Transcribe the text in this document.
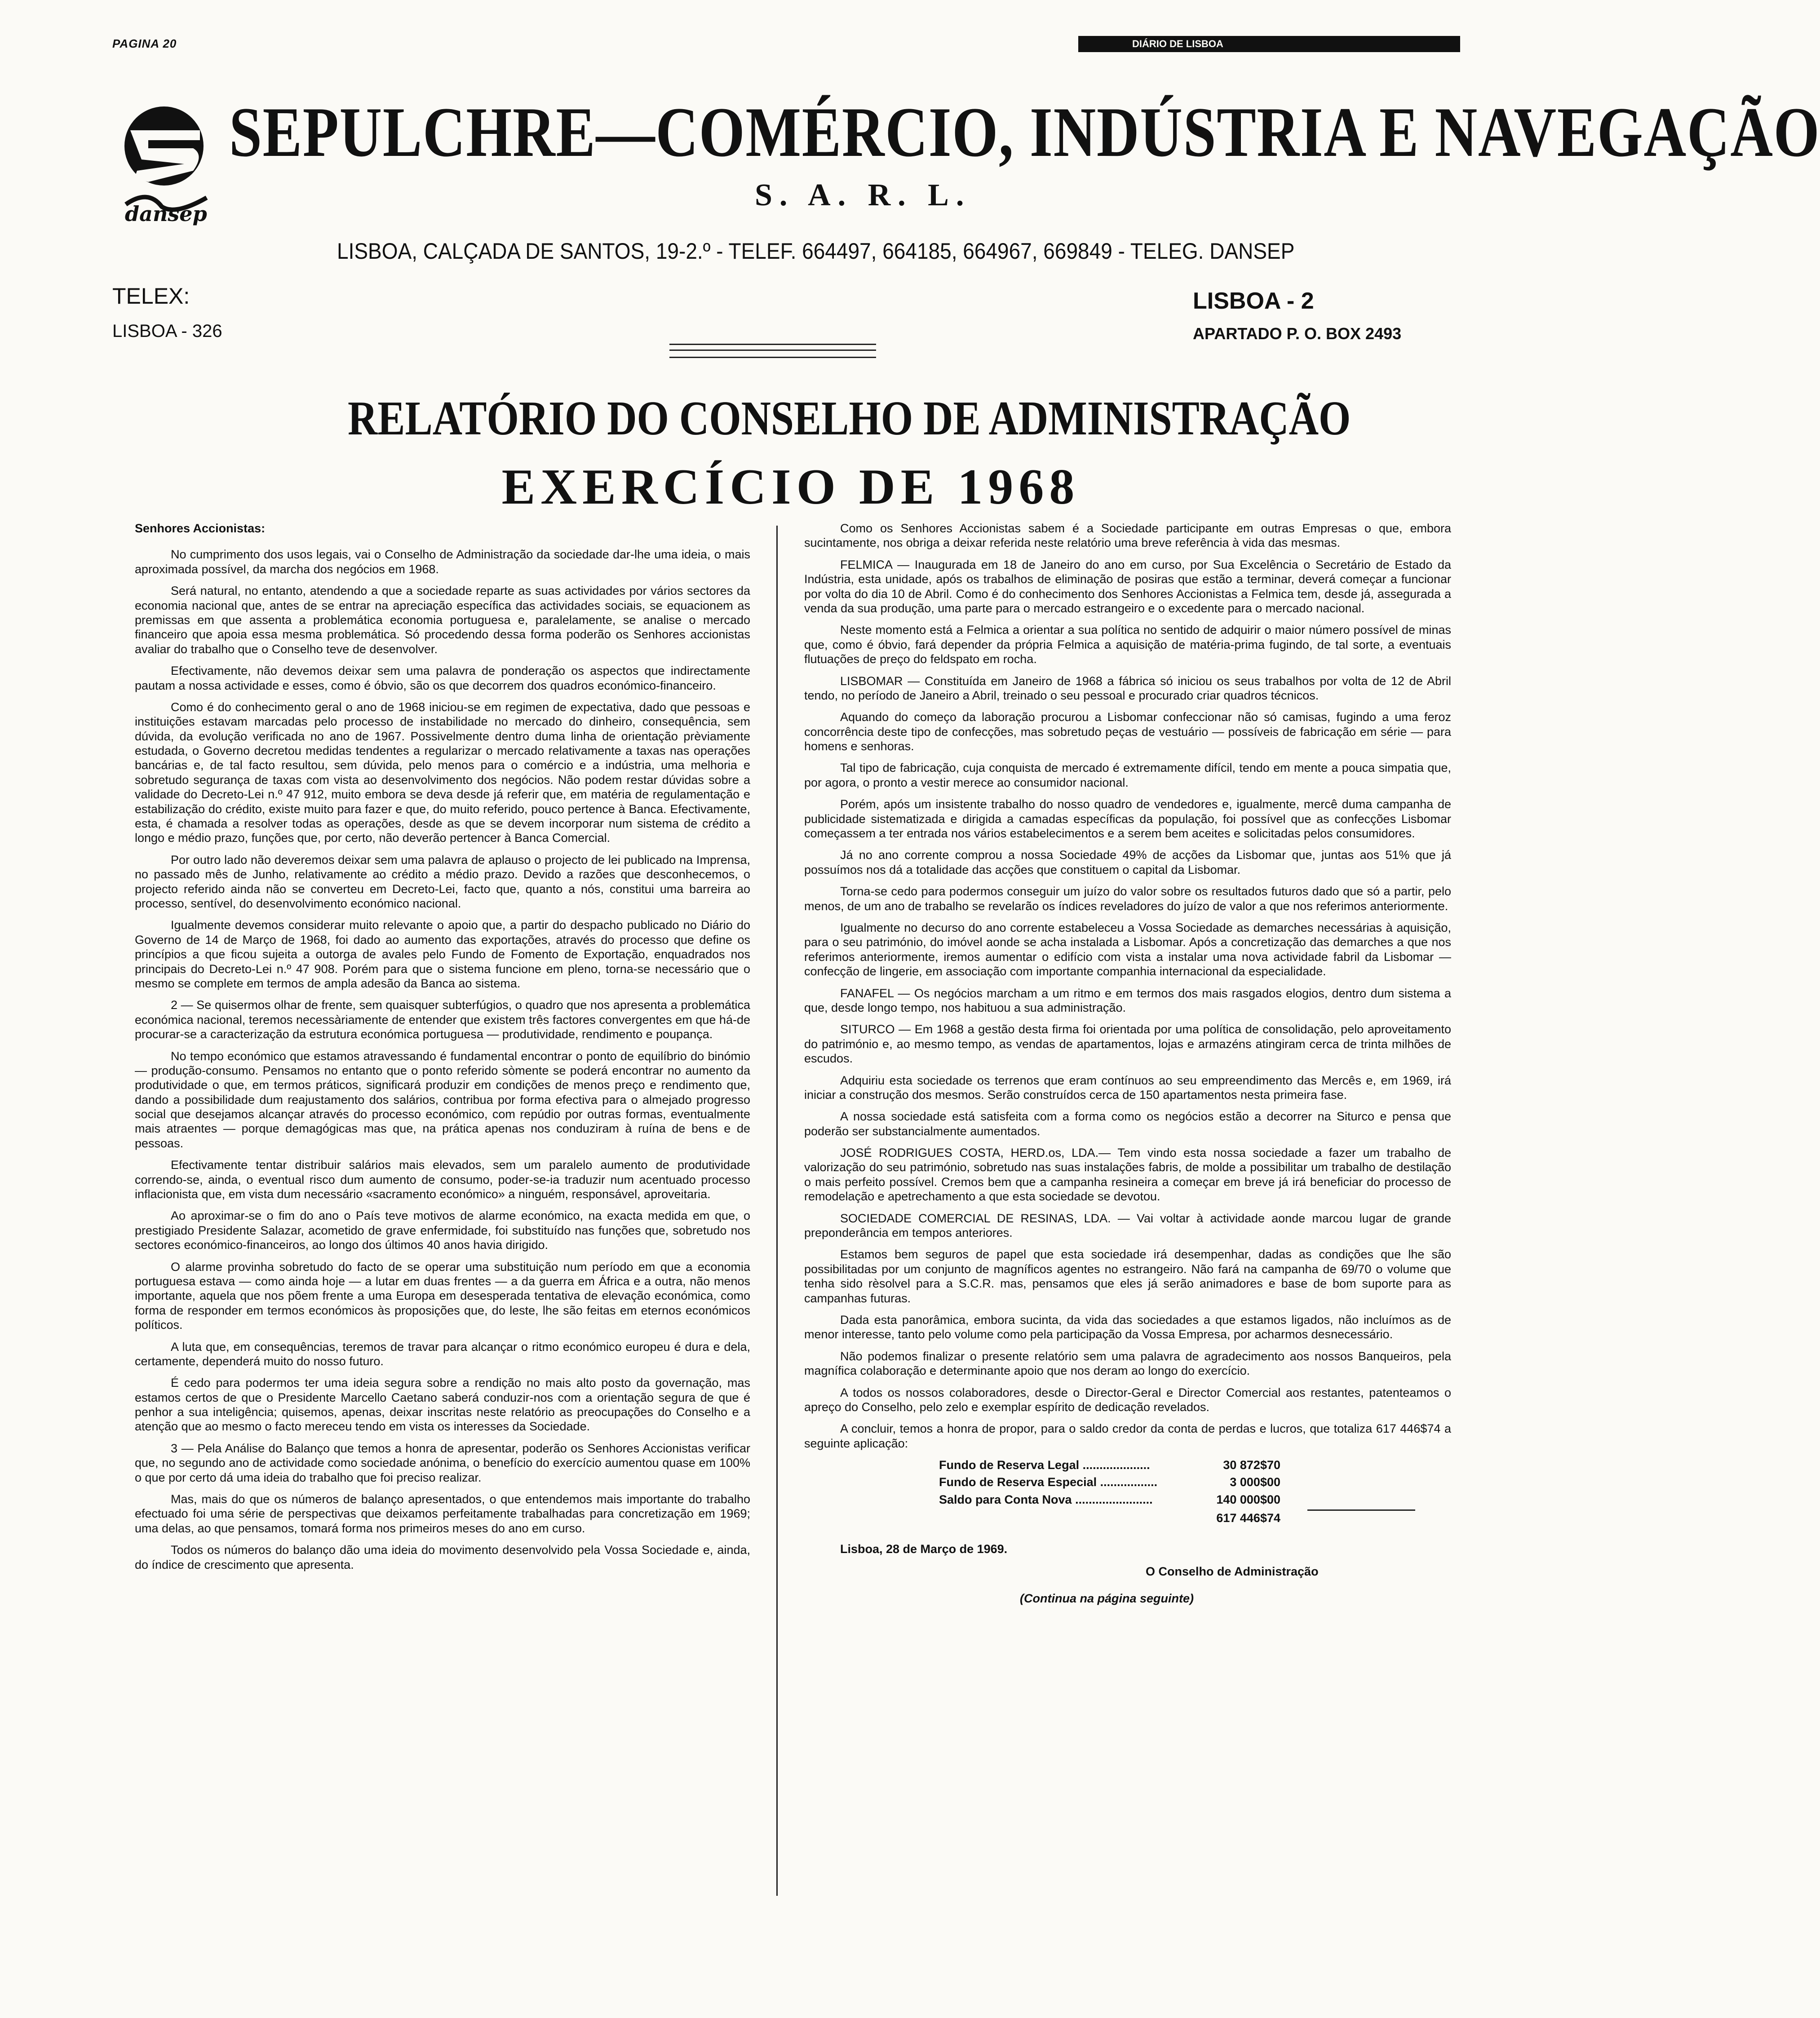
PAGINA 20	DIÁRIO DE LISBOA
dansep
SEPULCHRE—COMÉRCIO, INDÚSTRIA E NAVEGAÇÃO
S. A. R. L.
LISBOA, CALÇADA DE SANTOS, 19-2.º - TELEF. 664497, 664185, 664967, 669849 - TELEG. DANSEP
TELEX:
LISBOA - 326
LISBOA - 2
APARTADO P. O. BOX 2493
RELATÓRIO DO CONSELHO DE ADMINISTRAÇÃO
EXERCÍCIO DE 1968

Senhores Accionistas:

No cumprimento dos usos legais, vai o Conselho de Administração da sociedade dar-lhe uma ideia, o mais aproximada possível, da marcha dos negócios em 1968.

Será natural, no entanto, atendendo a que a sociedade reparte as suas actividades por vários sectores da economia nacional que, antes de se entrar na apreciação específica das actividades sociais, se equacionem as premissas em que assenta a problemática economia portuguesa e, paralelamente, se analise o mercado financeiro que apoia essa mesma problemática. Só procedendo dessa forma poderão os Senhores accionistas avaliar do trabalho que o Conselho teve de desenvolver.

Efectivamente, não devemos deixar sem uma palavra de ponderação os aspectos que indirectamente pautam a nossa actividade e esses, como é óbvio, são os que decorrem dos quadros económico-financeiro.

Como é do conhecimento geral o ano de 1968 iniciou-se em regimen de expectativa, dado que pessoas e instituições estavam marcadas pelo processo de instabilidade no mercado do dinheiro, consequência, sem dúvida, da evolução verificada no ano de 1967. Possivelmente dentro duma linha de orientação prèviamente estudada, o Governo decretou medidas tendentes a regularizar o mercado relativamente a taxas nas operações bancárias e, de tal facto resultou, sem dúvida, pelo menos para o comércio e a indústria, uma melhoria e sobretudo segurança de taxas com vista ao desenvolvimento dos negócios. Não podem restar dúvidas sobre a validade do Decreto-Lei n.º 47 912, muito embora se deva desde já referir que, em matéria de regulamentação e estabilização do crédito, existe muito para fazer e que, do muito referido, pouco pertence à Banca. Efectivamente, esta, é chamada a resolver todas as operações, desde as que se devem incorporar num sistema de crédito a longo e médio prazo, funções que, por certo, não deverão pertencer à Banca Comercial.

Por outro lado não deveremos deixar sem uma palavra de aplauso o projecto de lei publicado na Imprensa, no passado mês de Junho, relativamente ao crédito a médio prazo. Devido a razões que desconhecemos, o projecto referido ainda não se converteu em Decreto-Lei, facto que, quanto a nós, constitui uma barreira ao processo, sentível, do desenvolvimento económico nacional.

Igualmente devemos considerar muito relevante o apoio que, a partir do despacho publicado no Diário do Governo de 14 de Março de 1968, foi dado ao aumento das exportações, através do processo que define os princípios a que ficou sujeita a outorga de avales pelo Fundo de Fomento de Exportação, enquadrados nos principais do Decreto-Lei n.º 47 908. Porém para que o sistema funcione em pleno, torna-se necessário que o mesmo se complete em termos de ampla adesão da Banca ao sistema.

2 — Se quisermos olhar de frente, sem quaisquer subterfúgios, o quadro que nos apresenta a problemática económica nacional, teremos necessàriamente de entender que existem três factores convergentes em que há-de procurar-se a caracterização da estrutura económica portuguesa — produtividade, rendimento e poupança.

No tempo económico que estamos atravessando é fundamental encontrar o ponto de equilíbrio do binómio — produção-consumo. Pensamos no entanto que o ponto referido sòmente se poderá encontrar no aumento da produtividade o que, em termos práticos, significará produzir em condições de menos preço e rendimento que, dando a possibilidade dum reajustamento dos salários, contribua por forma efectiva para o almejado progresso social que desejamos alcançar através do processo económico, com repúdio por outras formas, eventualmente mais atraentes — porque demagógicas mas que, na prática apenas nos conduziram à ruína de bens e de pessoas.

Efectivamente tentar distribuir salários mais elevados, sem um paralelo aumento de produtividade correndo-se, ainda, o eventual risco dum aumento de consumo, poder-se-ia traduzir num acentuado processo inflacionista que, em vista dum necessário «sacramento económico» a ninguém, responsável, aproveitaria.

Ao aproximar-se o fim do ano o País teve motivos de alarme económico, na exacta medida em que, o prestigiado Presidente Salazar, acometido de grave enfermidade, foi substituído nas funções que, sobretudo nos sectores económico-financeiros, ao longo dos últimos 40 anos havia dirigido.

O alarme provinha sobretudo do facto de se operar uma substituição num período em que a economia portuguesa estava — como ainda hoje — a lutar em duas frentes — a da guerra em África e a outra, não menos importante, aquela que nos põem frente a uma Europa em desesperada tentativa de elevação económica, como forma de responder em termos económicos às proposições que, do leste, lhe são feitas em eternos económicos políticos.

A luta que, em consequências, teremos de travar para alcançar o ritmo económico europeu é dura e dela, certamente, dependerá muito do nosso futuro.

É cedo para podermos ter uma ideia segura sobre a rendição no mais alto posto da governação, mas estamos certos de que o Presidente Marcello Caetano saberá conduzir-nos com a orientação segura de que é penhor a sua inteligência; quisemos, apenas, deixar inscritas neste relatório as preocupações do Conselho e a atenção que ao mesmo o facto mereceu tendo em vista os interesses da Sociedade.

3 — Pela Análise do Balanço que temos a honra de apresentar, poderão os Senhores Accionistas verificar que, no segundo ano de actividade como sociedade anónima, o benefício do exercício aumentou quase em 100% o que por certo dá uma ideia do trabalho que foi preciso realizar.

Mas, mais do que os números de balanço apresentados, o que entendemos mais importante do trabalho efectuado foi uma série de perspectivas que deixamos perfeitamente trabalhadas para concretização em 1969; uma delas, ao que pensamos, tomará forma nos primeiros meses do ano em curso.

Todos os números do balanço dão uma ideia do movimento desenvolvido pela Vossa Sociedade e, ainda, do índice de crescimento que apresenta.

Como os Senhores Accionistas sabem é a Sociedade participante em outras Empresas o que, embora sucintamente, nos obriga a deixar referida neste relatório uma breve referência à vida das mesmas.

FELMICA — Inaugurada em 18 de Janeiro do ano em curso, por Sua Excelência o Secretário de Estado da Indústria, esta unidade, após os trabalhos de eliminação de posiras que estão a terminar, deverá começar a funcionar por volta do dia 10 de Abril. Como é do conhecimento dos Senhores Accionistas a Felmica tem, desde já, assegurada a venda da sua produção, uma parte para o mercado estrangeiro e o excedente para o mercado nacional.

Neste momento está a Felmica a orientar a sua política no sentido de adquirir o maior número possível de minas que, como é óbvio, fará depender da própria Felmica a aquisição de matéria-prima fugindo, de tal sorte, a eventuais flutuações de preço do feldspato em rocha.

LISBOMAR — Constituída em Janeiro de 1968 a fábrica só iniciou os seus trabalhos por volta de 12 de Abril tendo, no período de Janeiro a Abril, treinado o seu pessoal e procurado criar quadros técnicos.

Aquando do começo da laboração procurou a Lisbomar confeccionar não só camisas, fugindo a uma feroz concorrência deste tipo de confecções, mas sobretudo peças de vestuário — possíveis de fabricação em série — para homens e senhoras.

Tal tipo de fabricação, cuja conquista de mercado é extremamente difícil, tendo em mente a pouca simpatia que, por agora, o pronto a vestir merece ao consumidor nacional.

Porém, após um insistente trabalho do nosso quadro de vendedores e, igualmente, mercê duma campanha de publicidade sistematizada e dirigida a camadas específicas da população, foi possível que as confecções Lisbomar começassem a ter entrada nos vários estabelecimentos e a serem bem aceites e solicitadas pelos consumidores.

Já no ano corrente comprou a nossa Sociedade 49% de acções da Lisbomar que, juntas aos 51% que já possuímos nos dá a totalidade das acções que constituem o capital da Lisbomar.

Torna-se cedo para podermos conseguir um juízo do valor sobre os resultados futuros dado que só a partir, pelo menos, de um ano de trabalho se revelarão os índices reveladores do juízo de valor a que nos referimos anteriormente.

Igualmente no decurso do ano corrente estabeleceu a Vossa Sociedade as demarches necessárias à aquisição, para o seu património, do imóvel aonde se acha instalada a Lisbomar. Após a concretização das demarches a que nos referimos anteriormente, iremos aumentar o edifício com vista a instalar uma nova actividade fabril da Lisbomar — confecção de lingerie, em associação com importante companhia internacional da especialidade.

FANAFEL — Os negócios marcham a um ritmo e em termos dos mais rasgados elogios, dentro dum sistema a que, desde longo tempo, nos habituou a sua administração.

SITURCO — Em 1968 a gestão desta firma foi orientada por uma política de consolidação, pelo aproveitamento do património e, ao mesmo tempo, as vendas de apartamentos, lojas e armazéns atingiram cerca de trinta milhões de escudos.

Adquiriu esta sociedade os terrenos que eram contínuos ao seu empreendimento das Mercês e, em 1969, irá iniciar a construção dos mesmos. Serão construídos cerca de 150 apartamentos nesta primeira fase.

A nossa sociedade está satisfeita com a forma como os negócios estão a decorrer na Siturco e pensa que poderão ser substancialmente aumentados.

JOSÉ RODRIGUES COSTA, HERD.os, LDA.— Tem vindo esta nossa sociedade a fazer um trabalho de valorização do seu património, sobretudo nas suas instalações fabris, de molde a possibilitar um trabalho de destilação o mais perfeito possível. Cremos bem que a campanha resineira a começar em breve já irá beneficiar do processo de remodelação e apetrechamento a que esta sociedade se devotou.

SOCIEDADE COMERCIAL DE RESINAS, LDA. — Vai voltar à actividade aonde marcou lugar de grande preponderância em tempos anteriores.

Estamos bem seguros de papel que esta sociedade irá desempenhar, dadas as condições que lhe são possibilitadas por um conjunto de magníficos agentes no estrangeiro. Não fará na campanha de 69/70 o volume que tenha sido rèsolvel para a S.C.R. mas, pensamos que eles já serão animadores e base de bom suporte para as campanhas futuras.

Dada esta panorâmica, embora sucinta, da vida das sociedades a que estamos ligados, não incluímos as de menor interesse, tanto pelo volume como pela participação da Vossa Empresa, por acharmos desnecessário.

Não podemos finalizar o presente relatório sem uma palavra de agradecimento aos nossos Banqueiros, pela magnífica colaboração e determinante apoio que nos deram ao longo do exercício.

A todos os nossos colaboradores, desde o Director-Geral e Director Comercial aos restantes, patenteamos o apreço do Conselho, pelo zelo e exemplar espírito de dedicação revelados.

A concluir, temos a honra de propor, para o saldo credor da conta de perdas e lucros, que totaliza 617 446$74 a seguinte aplicação:

Fundo de Reserva Legal ....................	30 872$70
Fundo de Reserva Especial .................	3 000$00
Saldo para Conta Nova .......................	140 000$00
617 446$74
Lisboa, 28 de Março de 1969.
O Conselho de Administração
(Continua na página seguinte)
